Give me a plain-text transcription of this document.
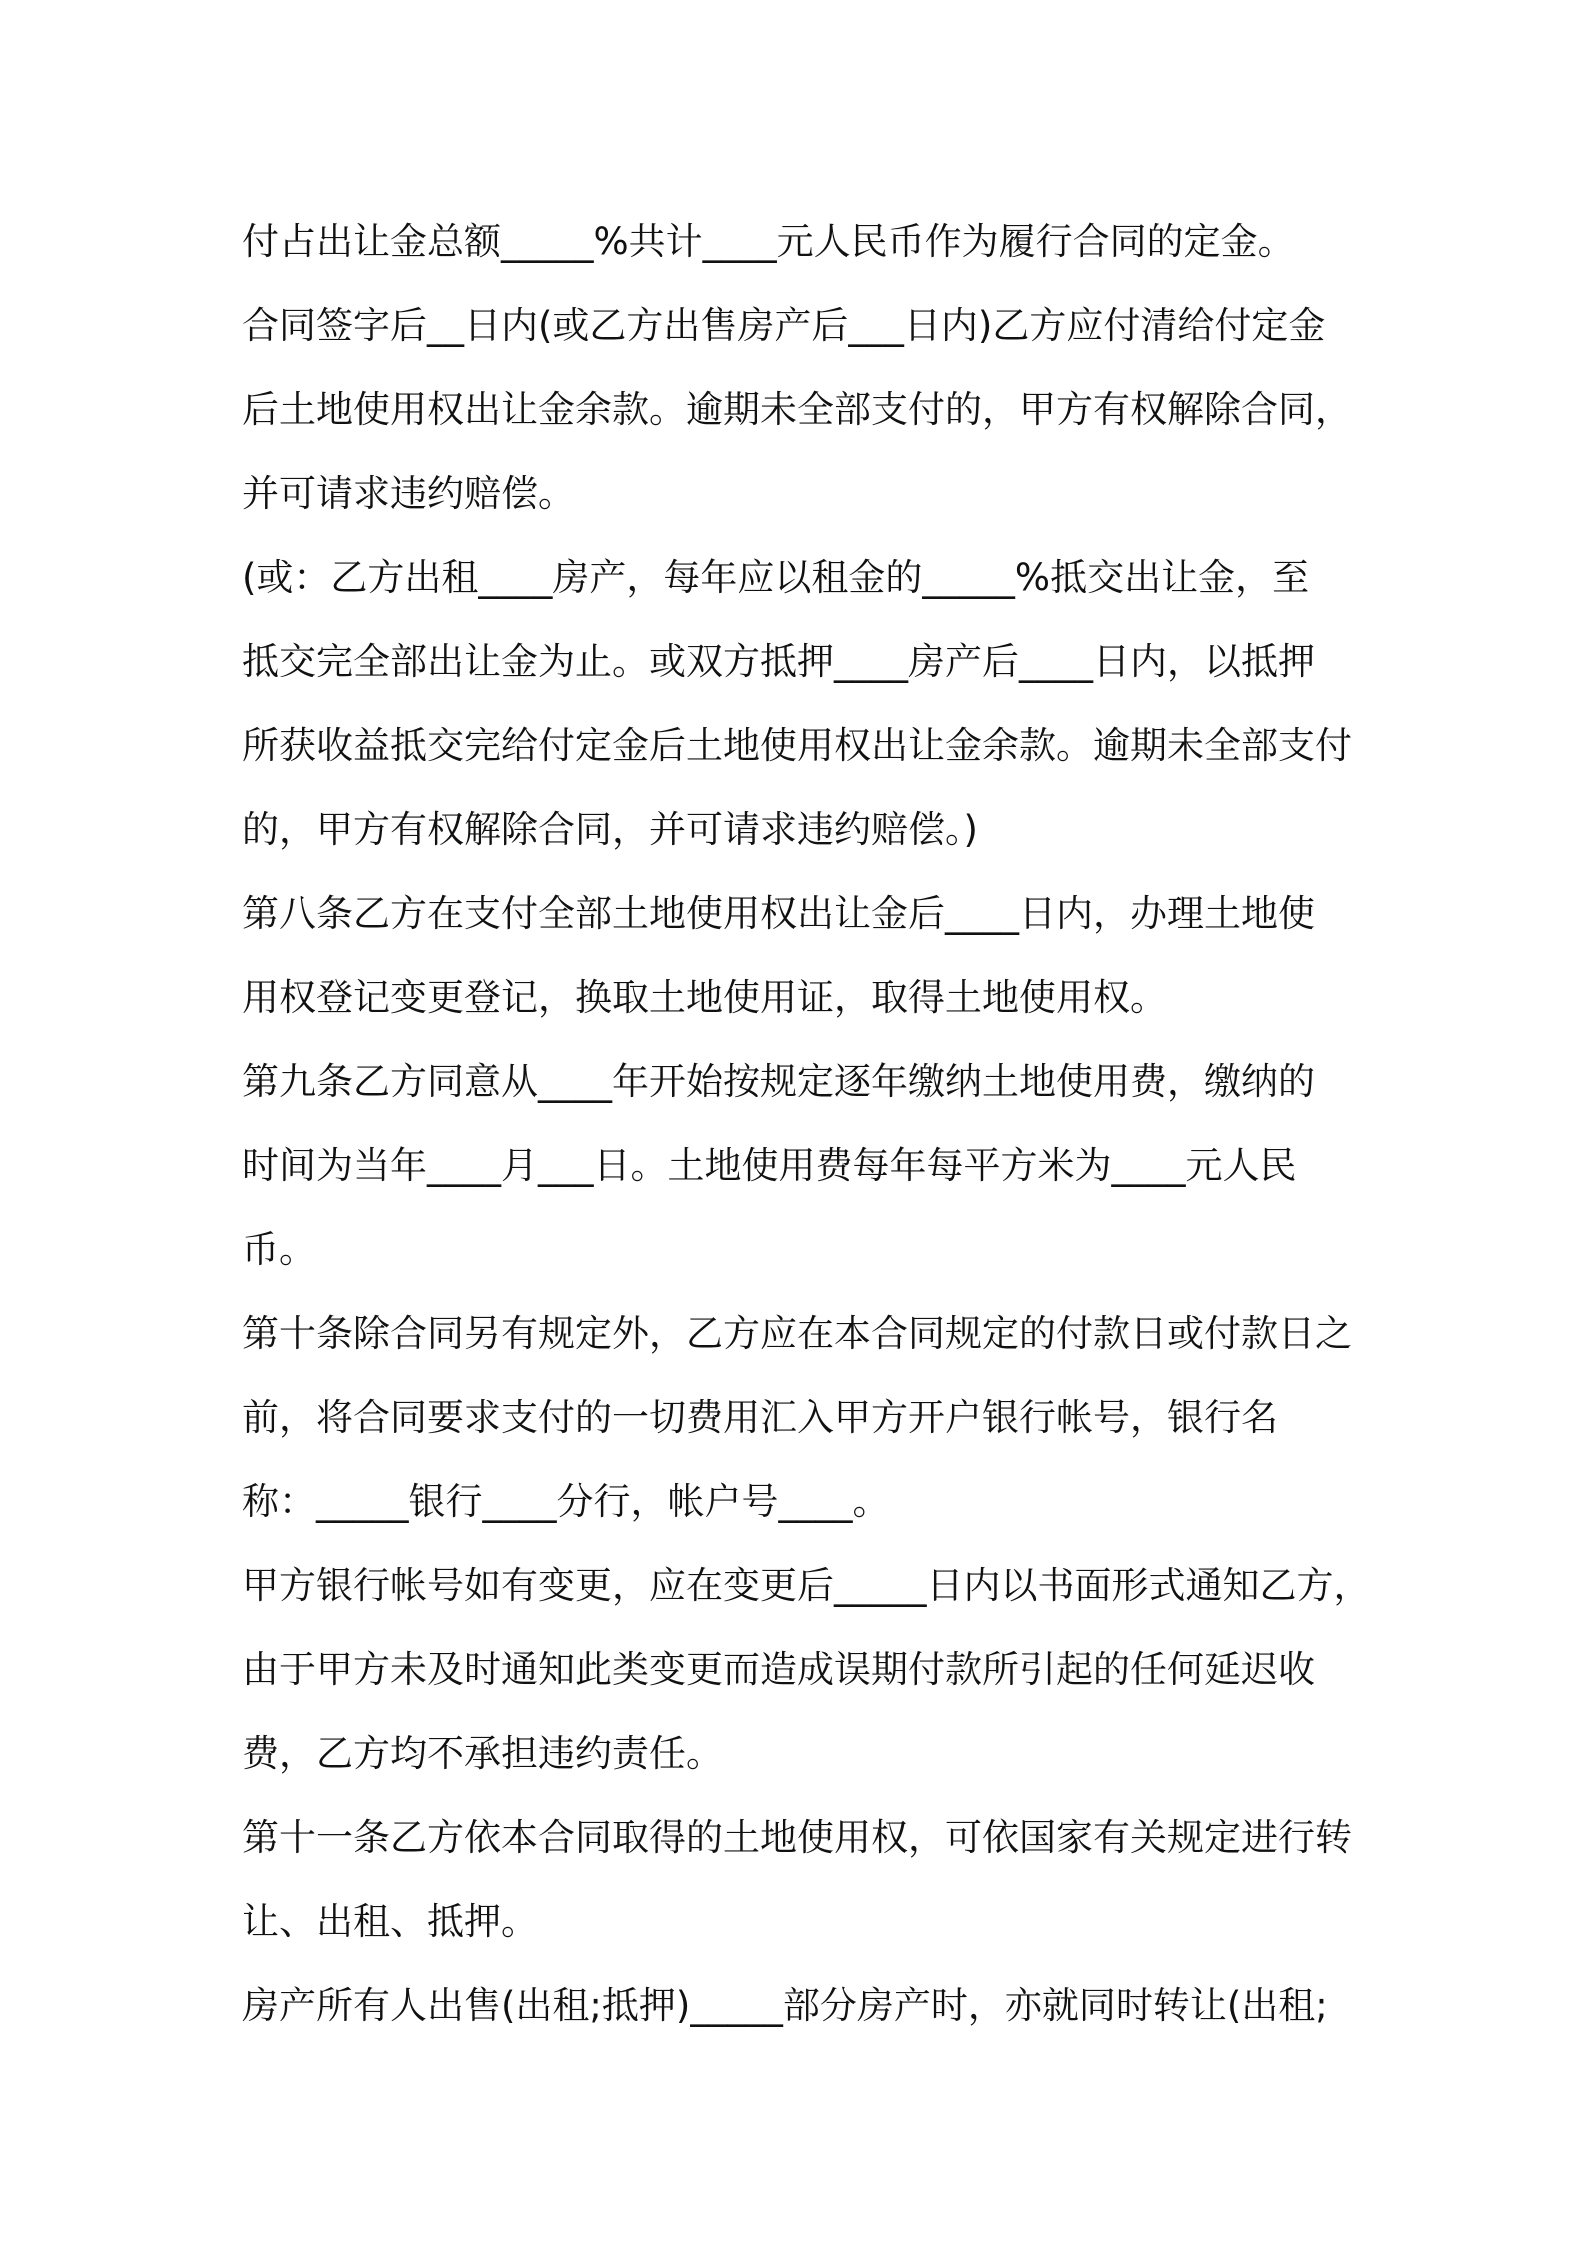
付占出让金总额_____%共计____元人民币作为履行合同的定金。
合同签字后__日内(或乙方出售房产后___日内)乙方应付清给付定金
后土地使用权出让金余款。逾期未全部支付的，甲方有权解除合同，
并可请求违约赔偿。
(或：乙方出租____房产，每年应以租金的_____%抵交出让金，至
抵交完全部出让金为止。或双方抵押____房产后____日内，以抵押
所获收益抵交完给付定金后土地使用权出让金余款。逾期未全部支付
的，甲方有权解除合同，并可请求违约赔偿。)
第八条乙方在支付全部土地使用权出让金后____日内，办理土地使
用权登记变更登记，换取土地使用证，取得土地使用权。
第九条乙方同意从____年开始按规定逐年缴纳土地使用费，缴纳的
时间为当年____月___日。土地使用费每年每平方米为____元人民
币。
第十条除合同另有规定外，乙方应在本合同规定的付款日或付款日之
前，将合同要求支付的一切费用汇入甲方开户银行帐号，银行名
称：_____银行____分行，帐户号____。
甲方银行帐号如有变更，应在变更后_____日内以书面形式通知乙方，
由于甲方未及时通知此类变更而造成误期付款所引起的任何延迟收
费，乙方均不承担违约责任。
第十一条乙方依本合同取得的土地使用权，可依国家有关规定进行转
让、出租、抵押。
房产所有人出售(出租;抵押)_____部分房产时，亦就同时转让(出租;
